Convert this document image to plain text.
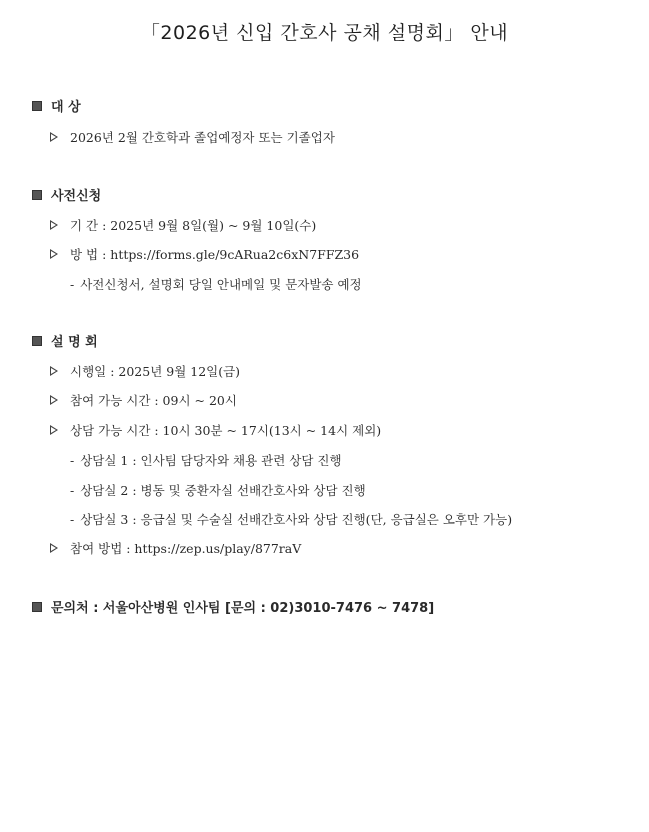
「2026년 신입 간호사 공채 설명회」 안내
대 상
2026년 2월 간호학과 졸업예정자 또는 기졸업자
사전신청
기 간 : 2025년 9월 8일(월) ~ 9월 10일(수)
방 법 : https://forms.gle/9cARua2c6xN7FFZ36
- 사전신청서, 설명회 당일 안내메일 및 문자발송 예정
설 명 회
시행일 : 2025년 9월 12일(금)
참여 가능 시간 : 09시 ~ 20시
상담 가능 시간 : 10시 30분 ~ 17시(13시 ~ 14시 제외)
- 상담실 1 : 인사팀 담당자와 채용 관련 상담 진행
- 상담실 2 : 병동 및 중환자실 선배간호사와 상담 진행
- 상담실 3 : 응급실 및 수술실 선배간호사와 상담 진행(단, 응급실은 오후만 가능)
참여 방법 : https://zep.us/play/877raV
문의처 : 서울아산병원 인사팀 [문의 : 02)3010-7476 ~ 7478]
